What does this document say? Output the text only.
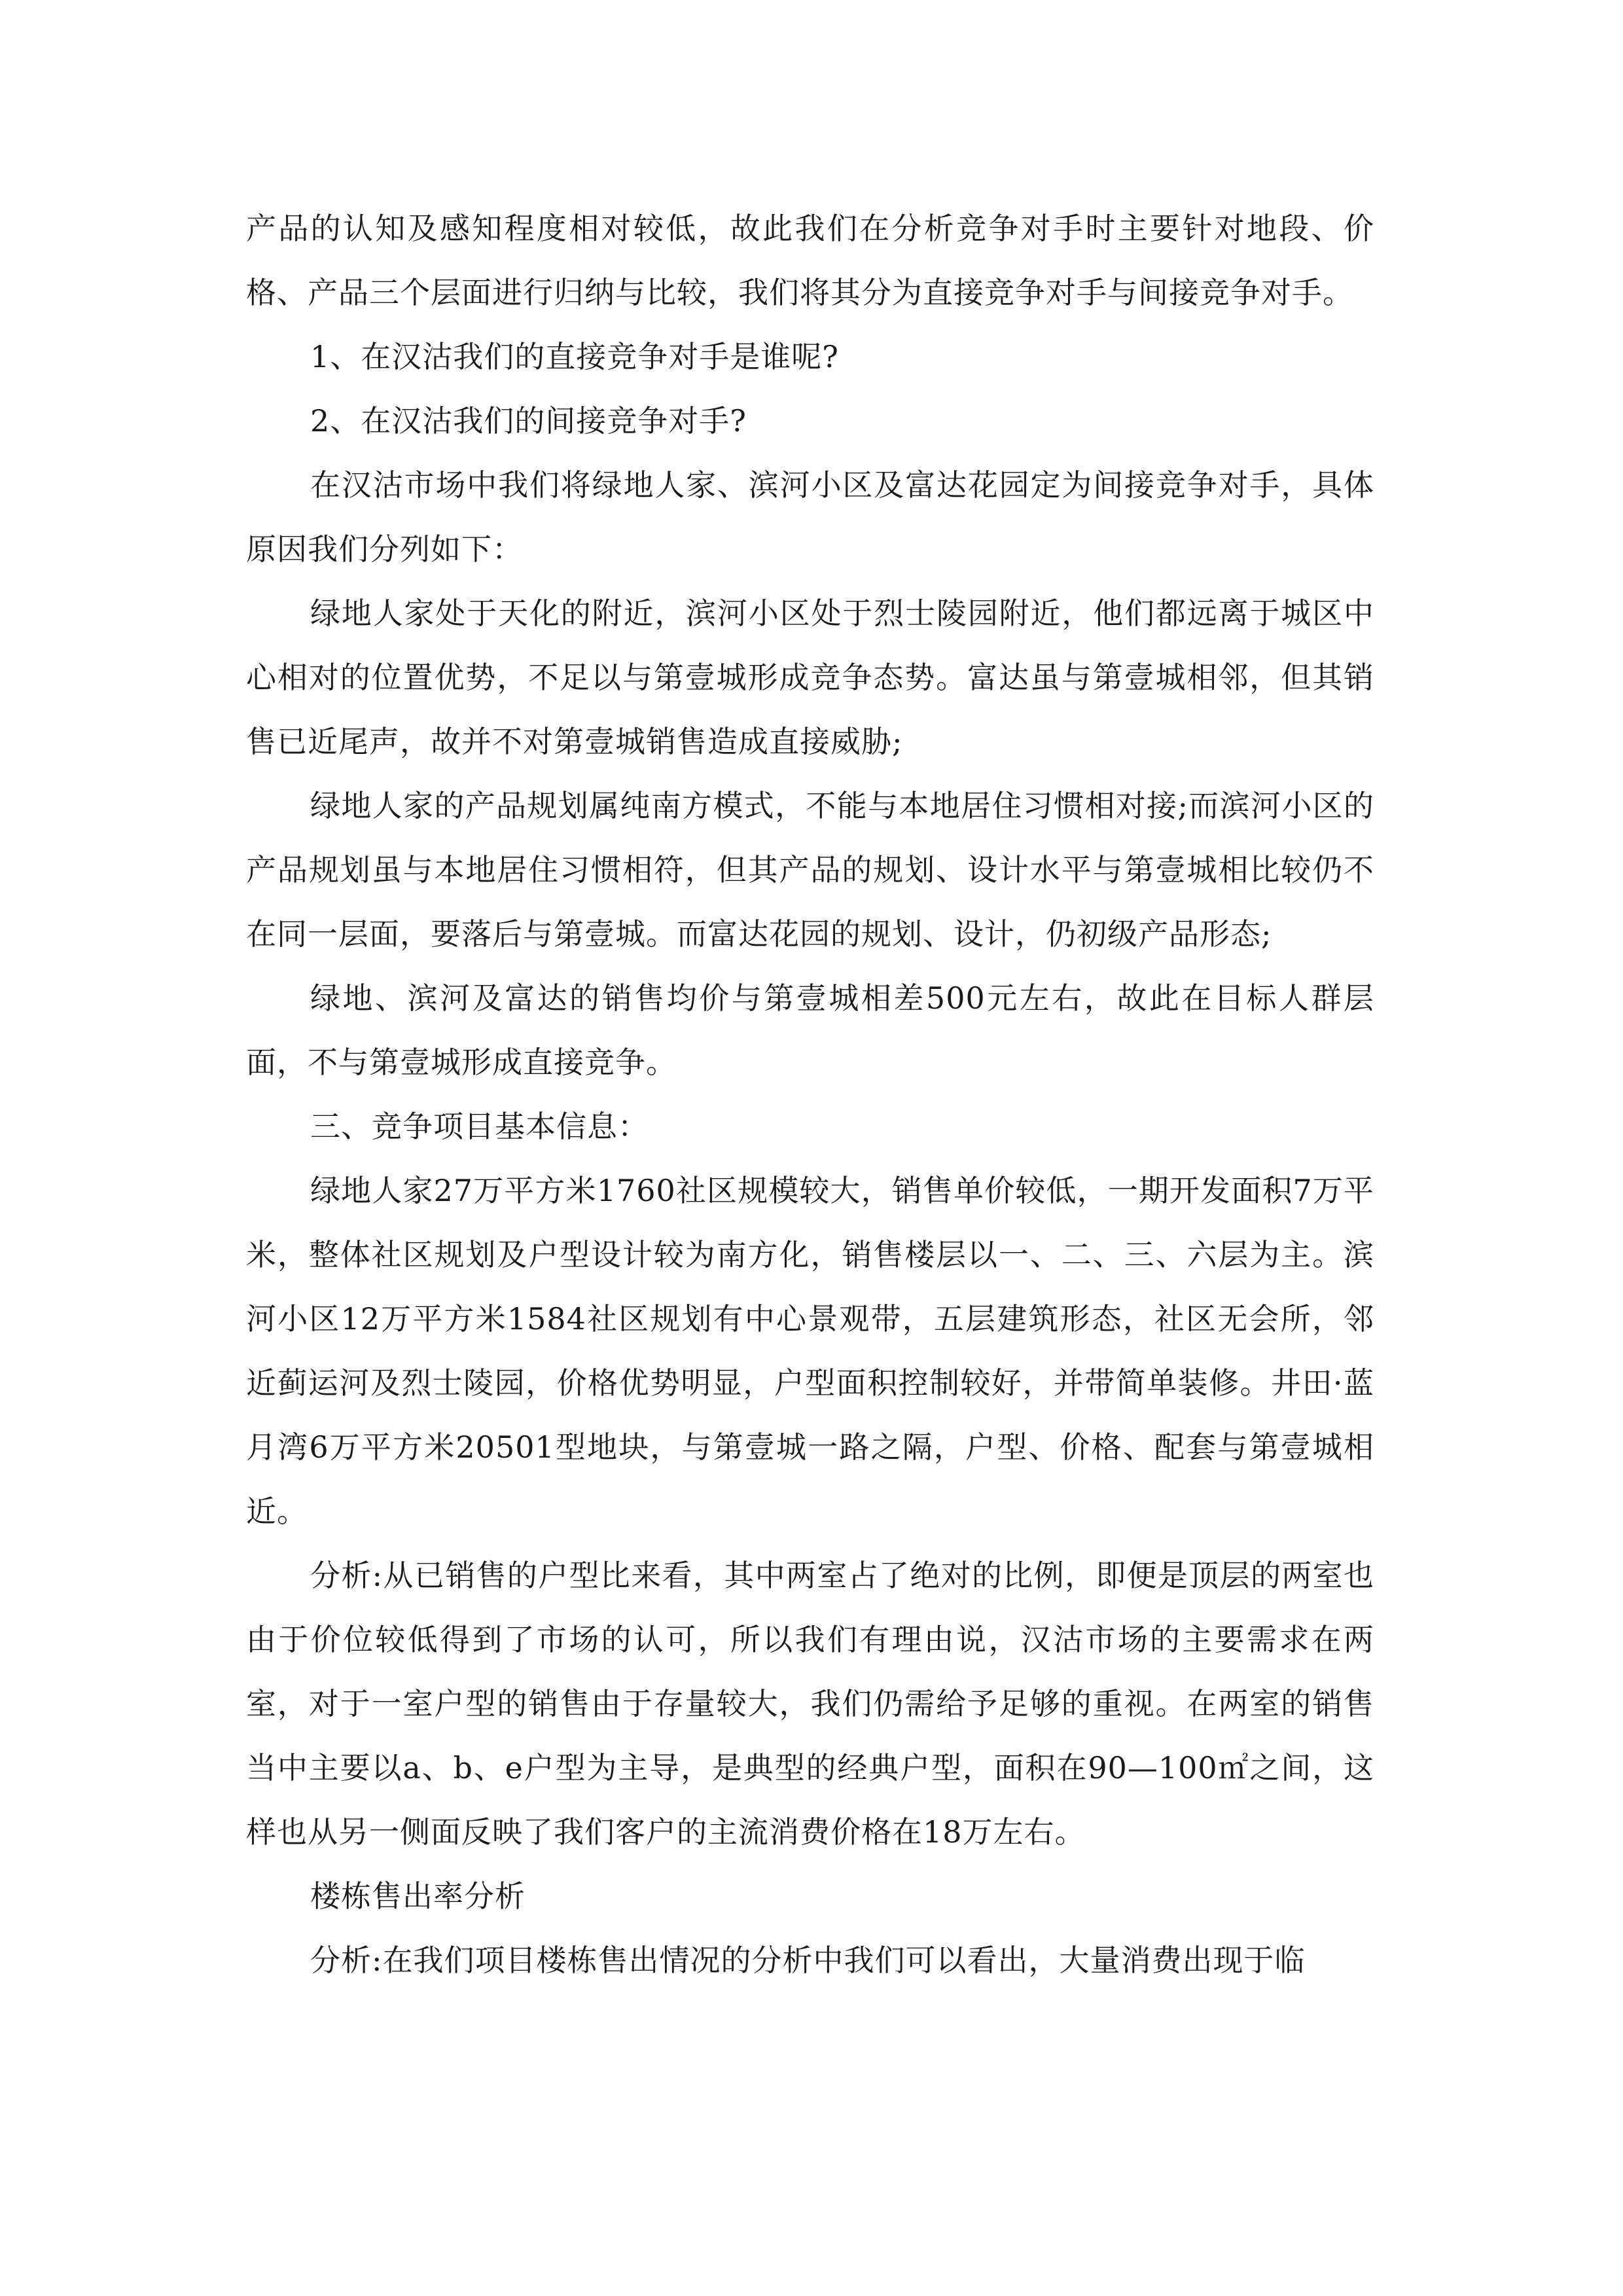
产品的认知及感知程度相对较低，故此我们在分析竞争对手时主要针对地段、价格、产品三个层面进行归纳与比较，我们将其分为直接竞争对手与间接竞争对手。

1、在汉沽我们的直接竞争对手是谁呢?

2、在汉沽我们的间接竞争对手?

在汉沽市场中我们将绿地人家、滨河小区及富达花园定为间接竞争对手，具体原因我们分列如下：

绿地人家处于天化的附近，滨河小区处于烈士陵园附近，他们都远离于城区中心相对的位置优势，不足以与第壹城形成竞争态势。富达虽与第壹城相邻，但其销售已近尾声，故并不对第壹城销售造成直接威胁;

绿地人家的产品规划属纯南方模式，不能与本地居住习惯相对接;而滨河小区的产品规划虽与本地居住习惯相符，但其产品的规划、设计水平与第壹城相比较仍不在同一层面，要落后与第壹城。而富达花园的规划、设计，仍初级产品形态;

绿地、滨河及富达的销售均价与第壹城相差500元左右，故此在目标人群层面，不与第壹城形成直接竞争。

三、竞争项目基本信息：

绿地人家27万平方米1760社区规模较大，销售单价较低，一期开发面积7万平米，整体社区规划及户型设计较为南方化，销售楼层以一、二、三、六层为主。滨河小区12万平方米1584社区规划有中心景观带，五层建筑形态，社区无会所，邻近蓟运河及烈士陵园，价格优势明显，户型面积控制较好，并带简单装修。井田·蓝月湾6万平方米20501型地块，与第壹城一路之隔，户型、价格、配套与第壹城相近。

分析:从已销售的户型比来看，其中两室占了绝对的比例，即便是顶层的两室也由于价位较低得到了市场的认可，所以我们有理由说，汉沽市场的主要需求在两室，对于一室户型的销售由于存量较大，我们仍需给予足够的重视。在两室的销售当中主要以a、b、e户型为主导，是典型的经典户型，面积在90—100㎡之间，这样也从另一侧面反映了我们客户的主流消费价格在18万左右。

楼栋售出率分析

分析:在我们项目楼栋售出情况的分析中我们可以看出，大量消费出现于临
